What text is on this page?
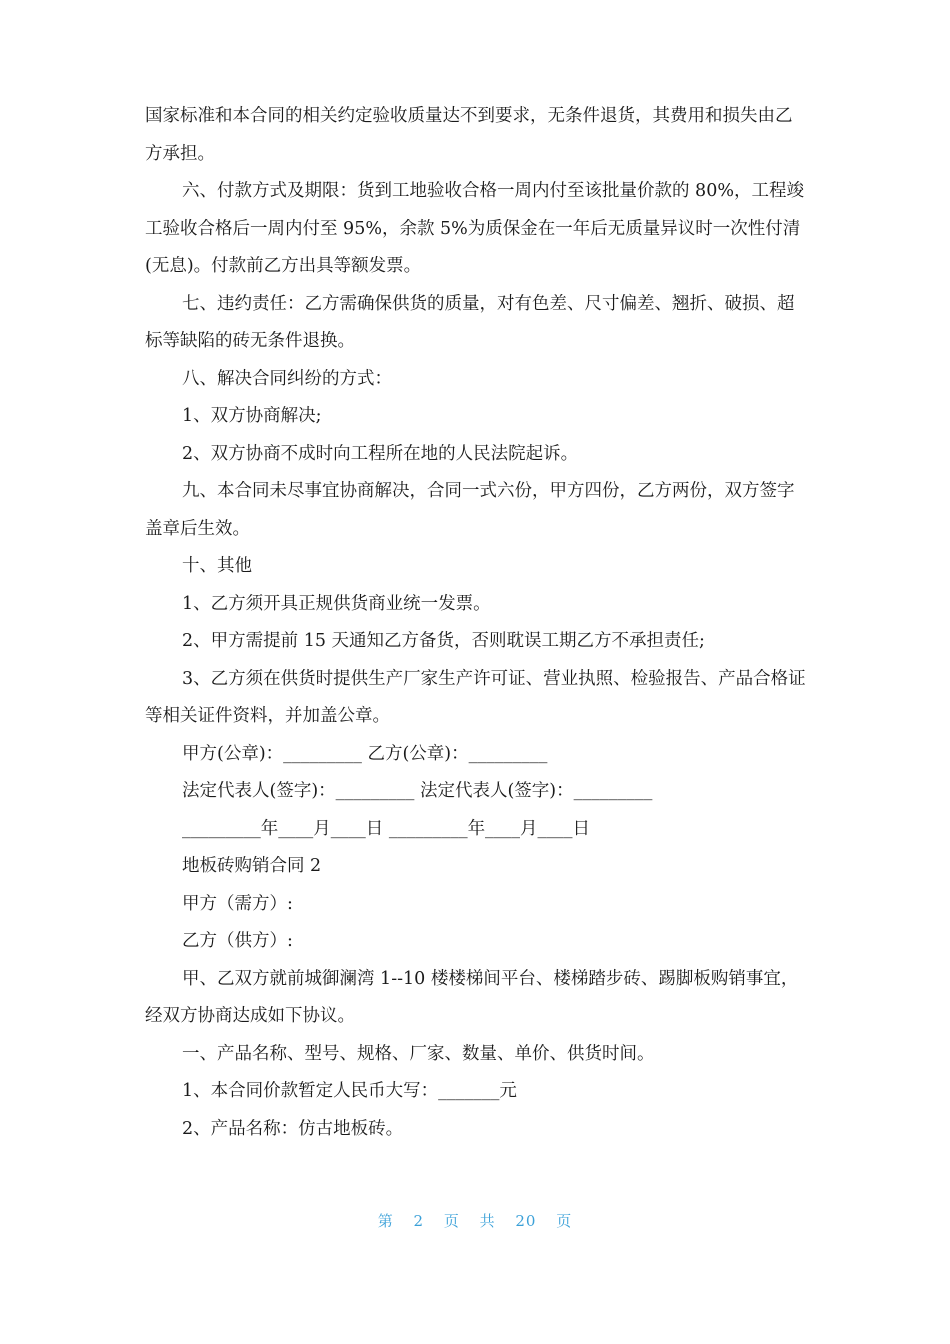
国家标准和本合同的相关约定验收质量达不到要求，无条件退货，其费用和损失由乙方承担。

六、付款方式及期限：货到工地验收合格一周内付至该批量价款的 80%，工程竣工验收合格后一周内付至 95%，余款 5%为质保金在一年后无质量异议时一次性付清(无息)。付款前乙方出具等额发票。

七、违约责任：乙方需确保供货的质量，对有色差、尺寸偏差、翘折、破损、超标等缺陷的砖无条件退换。

八、解决合同纠纷的方式：

1、双方协商解决;

2、双方协商不成时向工程所在地的人民法院起诉。

九、本合同未尽事宜协商解决，合同一式六份，甲方四份，乙方两份，双方签字盖章后生效。

十、其他

1、乙方须开具正规供货商业统一发票。

2、甲方需提前 15 天通知乙方备货，否则耽误工期乙方不承担责任;

3、乙方须在供货时提供生产厂家生产许可证、营业执照、检验报告、产品合格证等相关证件资料，并加盖公章。

甲方(公章)：_________ 乙方(公章)：_________

法定代表人(签字)：_________ 法定代表人(签字)：_________

_________年____月____日 _________年____月____日

地板砖购销合同 2

甲方（需方）:

乙方（供方）:

甲、乙双方就前城御澜湾 1--10 楼楼梯间平台、楼梯踏步砖、踢脚板购销事宜，经双方协商达成如下协议。

一、产品名称、型号、规格、厂家、数量、单价、供货时间。

1、本合同价款暂定人民币大写：_______元

2、产品名称：仿古地板砖。

第 2 页 共 20 页
